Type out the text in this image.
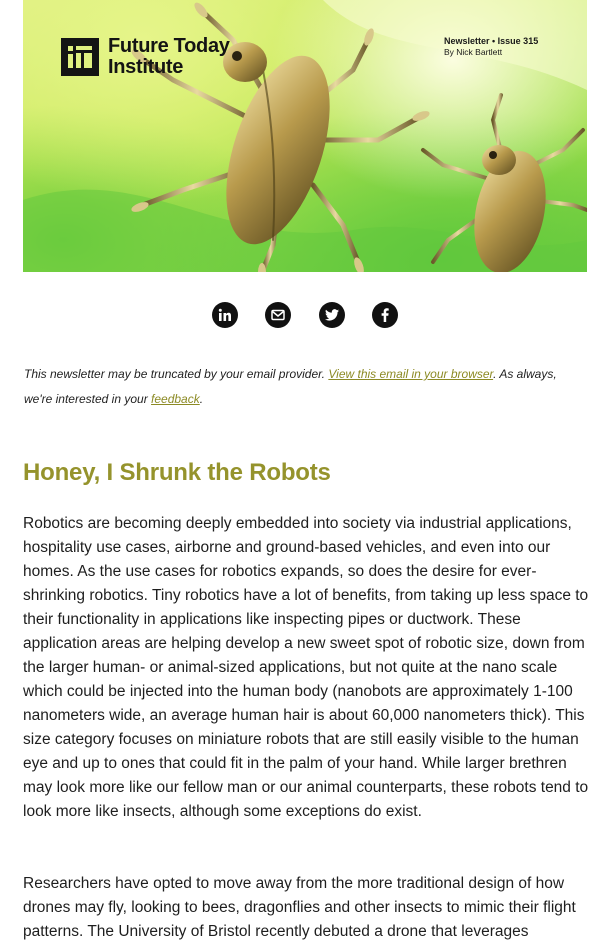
Future Today
Institute
Newsletter • Issue 315
By Nick Bartlett

This newsletter may be truncated by your email provider. View this email in your browser. As always, we're interested in your feedback.

Honey, I Shrunk the Robots

Robotics are becoming deeply embedded into society via industrial applications, hospitality use cases, airborne and ground-based vehicles, and even into our homes. As the use cases for robotics expands, so does the desire for ever-shrinking robotics. Tiny robotics have a lot of benefits, from taking up less space to their functionality in applications like inspecting pipes or ductwork. These application areas are helping develop a new sweet spot of robotic size, down from the larger human- or animal-sized applications, but not quite at the nano scale which could be injected into the human body (nanobots are approximately 1-100 nanometers wide, an average human hair is about 60,000 nanometers thick). This size category focuses on miniature robots that are still easily visible to the human eye and up to ones that could fit in the palm of your hand. While larger brethren may look more like our fellow man or our animal counterparts, these robots tend to look more like insects, although some exceptions do exist.

Researchers have opted to move away from the more traditional design of how drones may fly, looking to bees, dragonflies and other insects to mimic their flight patterns. The University of Bristol recently debuted a drone that leverages
